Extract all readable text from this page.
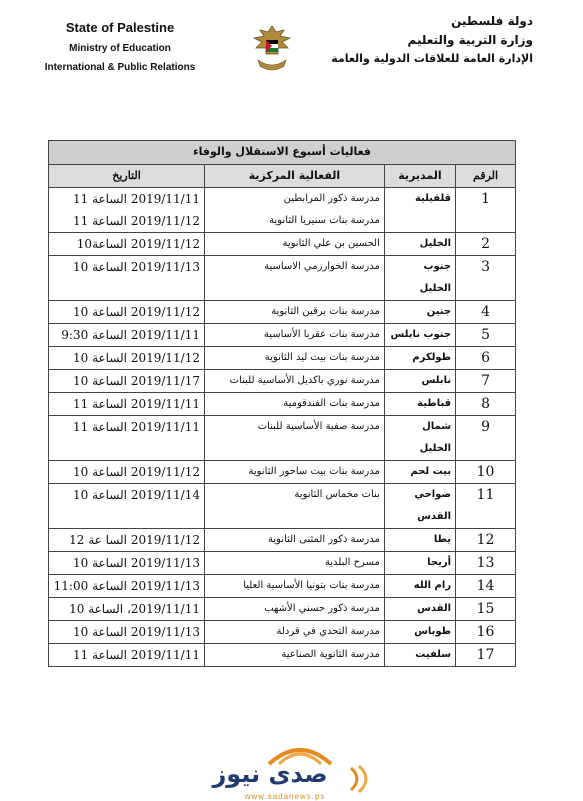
State of Palestine
Ministry of Education
International & Public Relations
دولة فلسطين
وزارة التربية والتعليم
الإدارة العامة للعلاقات الدولية والعامة
فعاليات أسبوع الاستقلال والوفاء			
الرقم	المديرية	الفعالية المركزية	التاريخ
1	قلقيلية	مدرسة ذكور المرابطين	2019/11/11 الساعة 11
		مدرسة بنات سنيريا الثانوية	2019/11/12 الساعة 11
2	الخليل	الحسين بن علي الثانوية	2019/11/12 الساعة10
3	جنوب الخليل	مدرسة الخوارزمي الاساسية	2019/11/13 الساعة 10
4	جنين	مدرسة بنات برقين الثانوية	2019/11/12 الساعة 10
5	جنوب نابلس	مدرسة بنات عقربا الأساسية	2019/11/11 الساعة 9:30
6	طولكرم	مدرسة بنات بيت ليد الثانوية	2019/11/12 الساعة 10
7	نابلس	مدرسة نوري باكديل الأساسية للبنات	2019/11/17 الساعة 10
8	قباطية	مدرسة بنات الفندقومية	2019/11/11 الساعة 11
9	شمال الخليل	مدرسة صفية الأساسية للبنات	2019/11/11 الساعة 11
10	بيت لحم	مدرسة بنات بيت ساحور الثانوية	2019/11/12 الساعة 10
11	ضواحي القدس	بنات مخماس الثانوية	2019/11/14 الساعة 10
12	يطا	مدرسة ذكور المثنى الثانوية	2019/11/12 السا عة 12
13	أريحا	مسرح البلدية	2019/11/13 الساعة 10
14	رام الله	مدرسة بنات بتونيا الأساسية العليا	2019/11/13 الساعة 11:00
15	القدس	مدرسة ذكور حسني الأشهب	2019/11/11، الساعة 10
16	طوباس	مدرسة التحدي في قردلة	2019/11/13 الساعة 10
17	سلفيت	مدرسة الثانوية الصناعية	2019/11/11 الساعة 11
صدى نيوز
www.sadanews.ps
